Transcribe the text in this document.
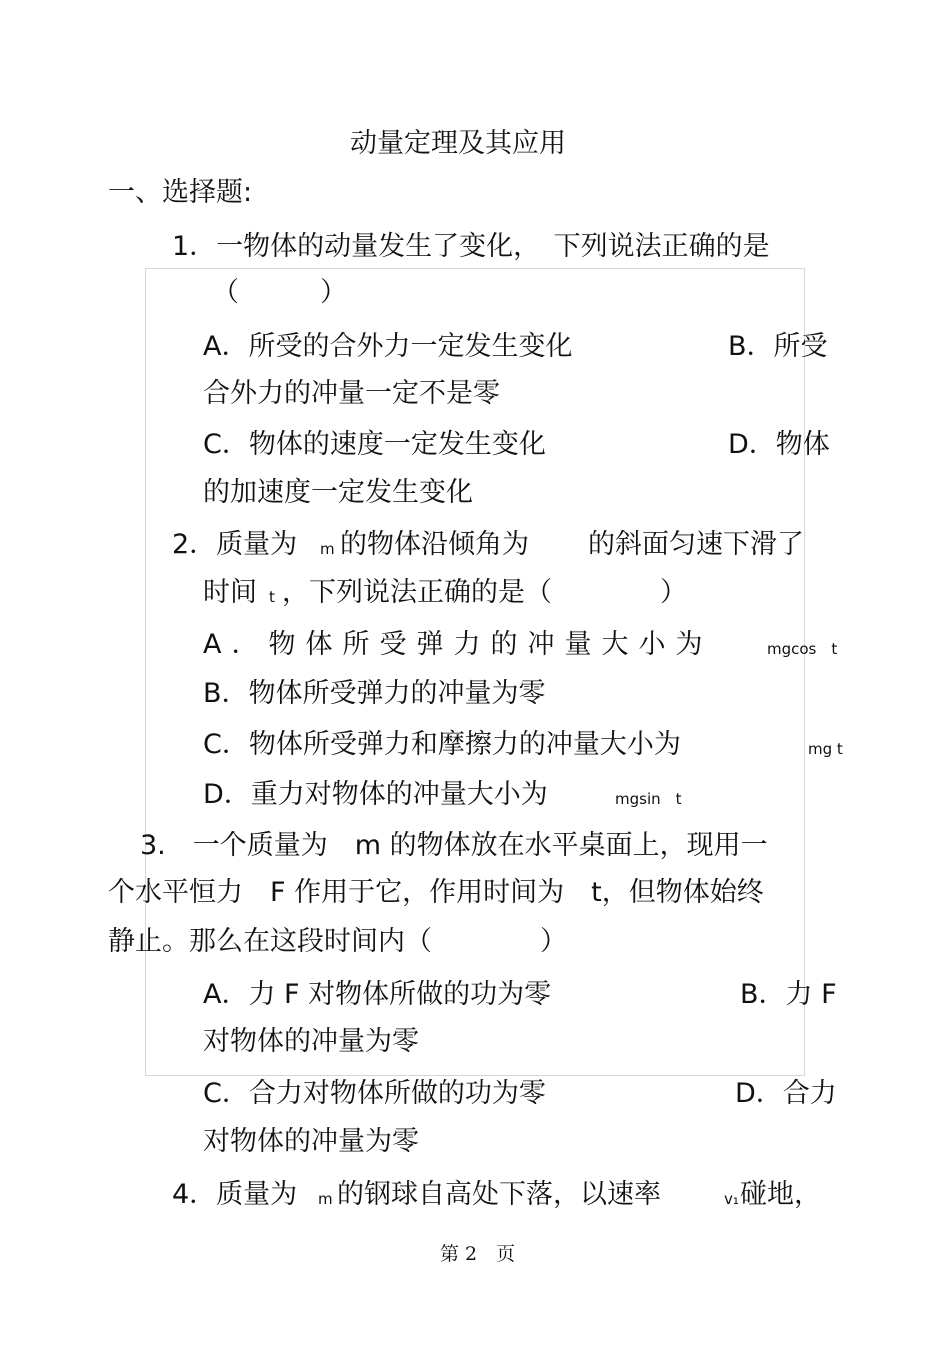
动量定理及其应用
一、选择题:
1．一物体的动量发生了变化，　下列说法正确的是
（　　　）
A．所受的合外力一定发生变化	B．所受
合外力的冲量一定不是零
C．物体的速度一定发生变化	D．物体
的加速度一定发生变化
2．质量为 m 的物体沿倾角为 的斜面匀速下滑了
时间 t ，下列说法正确的是（　　　　）
A．物体所受弹力的冲量大小为	mgcos　t
B．物体所受弹力的冲量为零
C．物体所受弹力和摩擦力的冲量大小为	mg t
D．重力对物体的冲量大小为	mgsin　t
3.　一个质量为　m 的物体放在水平桌面上，现用一
个水平恒力　F 作用于它，作用时间为　t，但物体始终
静止。那么在这段时间内（　　　　）
A．力 F 对物体所做的功为零	B．力 F
对物体的冲量为零
C．合力对物体所做的功为零	D．合力
对物体的冲量为零
4．质量为 m 的钢球自高处下落，以速率	v₁ 碰地，
第 2　页
